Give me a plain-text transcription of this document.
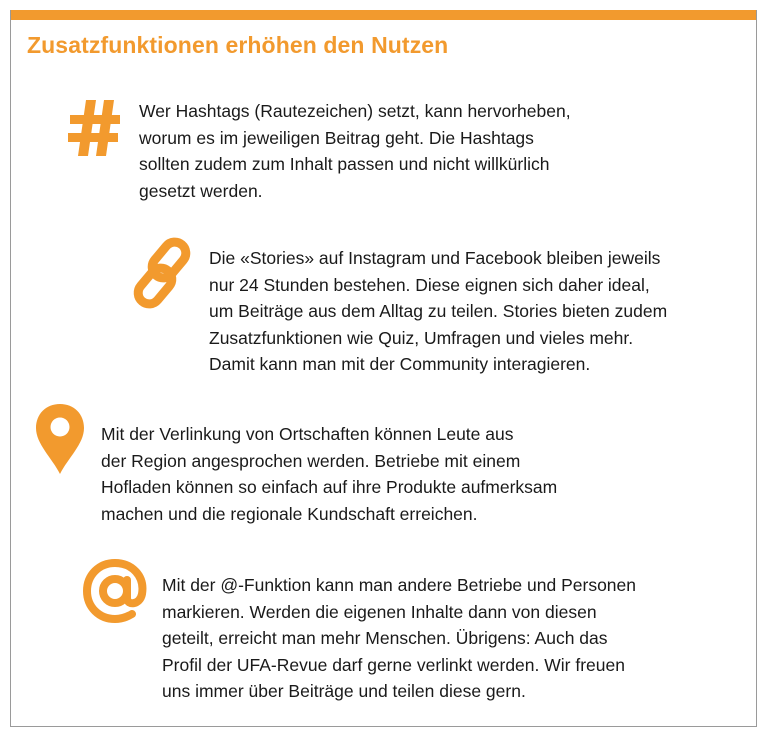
Zusatzfunktionen erhöhen den Nutzen

Wer Hashtags (Rautezeichen) setzt, kann hervorheben,

worum es im jeweiligen Beitrag geht. Die Hashtags

sollten zudem zum Inhalt passen und nicht willkürlich

gesetzt werden.

Die «Stories» auf Instagram und Facebook bleiben jeweils

nur 24 Stunden bestehen. Diese eignen sich daher ideal,

um Beiträge aus dem Alltag zu teilen. Stories bieten zudem

Zusatzfunktionen wie Quiz, Umfragen und vieles mehr.

Damit kann man mit der Community interagieren.

Mit der Verlinkung von Ortschaften können Leute aus

der Region angesprochen werden. Betriebe mit einem

Hofladen können so einfach auf ihre Produkte aufmerksam

machen und die regionale Kundschaft erreichen.

Mit der @-Funktion kann man andere Betriebe und Personen

markieren. Werden die eigenen Inhalte dann von diesen

geteilt, erreicht man mehr Menschen. Übrigens: Auch das

Profil der UFA-Revue darf gerne verlinkt werden. Wir freuen

uns immer über Beiträge und teilen diese gern.
